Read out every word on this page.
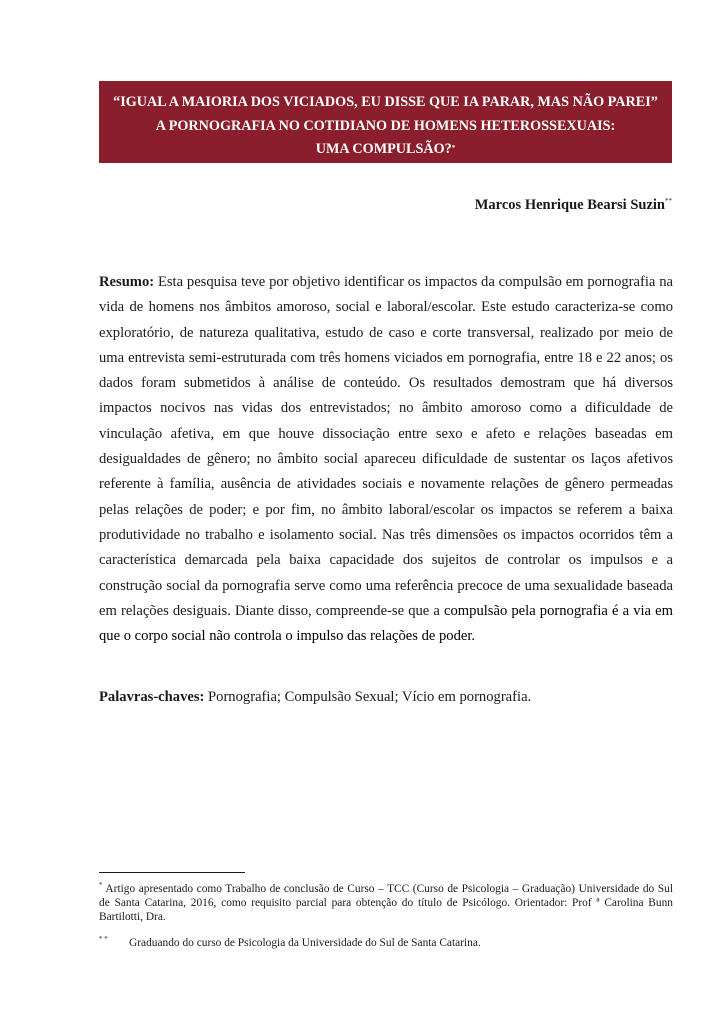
“IGUAL A MAIORIA DOS VICIADOS, EU DISSE QUE IA PARAR, MAS NÃO PAREI”
A PORNOGRAFIA NO COTIDIANO DE HOMENS HETEROSSEXUAIS:
UMA COMPULSÃO?*
Marcos Henrique Bearsi Suzin**

Resumo: Esta pesquisa teve por objetivo identificar os impactos da compulsão em pornografia na vida de homens nos âmbitos amoroso, social e laboral/escolar. Este estudo caracteriza-se como exploratório, de natureza qualitativa, estudo de caso e corte transversal, realizado por meio de uma entrevista semi-estruturada com três homens viciados em pornografia, entre 18 e 22 anos; os dados foram submetidos à análise de conteúdo. Os resultados demostram que há diversos impactos nocivos nas vidas dos entrevistados; no âmbito amoroso como a dificuldade de vinculação afetiva, em que houve dissociação entre sexo e afeto e relações baseadas em desigualdades de gênero; no âmbito social apareceu dificuldade de sustentar os laços afetivos referente à família, ausência de atividades sociais e novamente relações de gênero permeadas pelas relações de poder; e por fim, no âmbito laboral/escolar os impactos se referem a baixa produtividade no trabalho e isolamento social. Nas três dimensões os impactos ocorridos têm a característica demarcada pela baixa capacidade dos sujeitos de controlar os impulsos e a construção social da pornografia serve como uma referência precoce de uma sexualidade baseada em relações desiguais. Diante disso, compreende-se que a compulsão pela pornografia é a via em que o corpo social não controla o impulso das relações de poder.

Palavras-chaves: Pornografia; Compulsão Sexual; Vício em pornografia.

* Artigo apresentado como Trabalho de conclusão de Curso – TCC (Curso de Psicologia – Graduação) Universidade do Sul de Santa Catarina, 2016, como requisito parcial para obtenção do título de Psicólogo. Orientador: Prof ª Carolina Bunn Bartilotti, Dra.

* * Graduando do curso de Psicologia da Universidade do Sul de Santa Catarina.
